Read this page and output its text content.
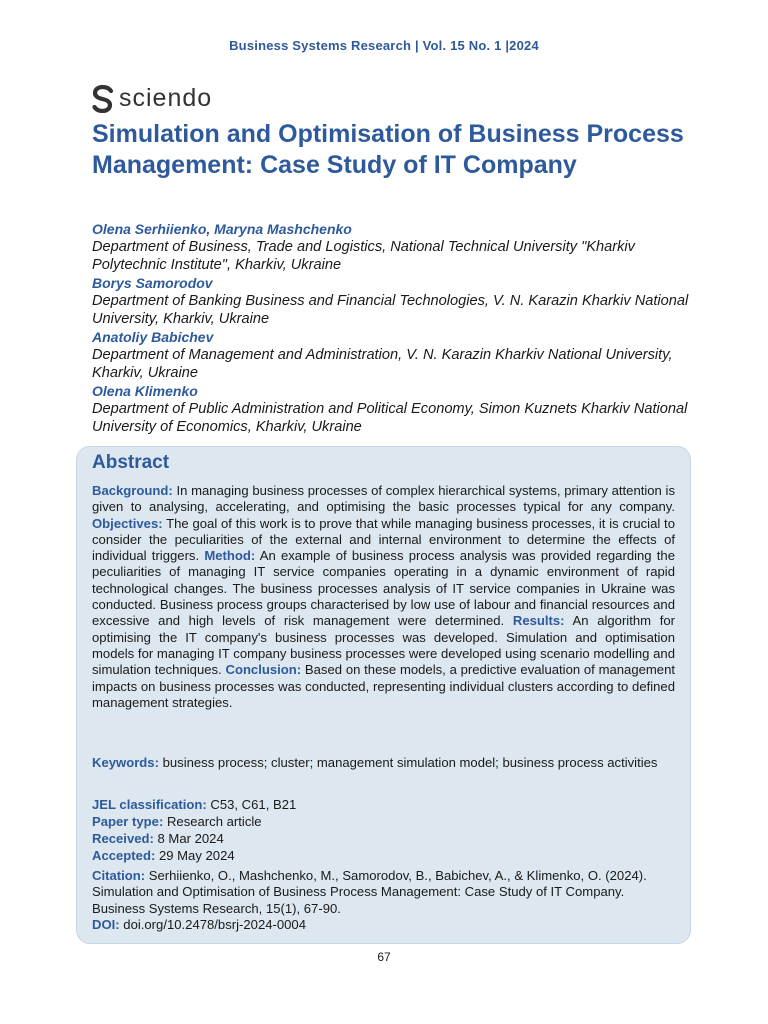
Business Systems Research | Vol. 15 No. 1 |2024
sciendo
Simulation and Optimisation of Business Process Management: Case Study of IT Company
Olena Serhiienko, Maryna Mashchenko
Department of Business, Trade and Logistics, National Technical University "Kharkiv Polytechnic Institute", Kharkiv, Ukraine
Borys Samorodov
Department of Banking Business and Financial Technologies, V. N. Karazin Kharkiv National University, Kharkiv, Ukraine
Anatoliy Babichev
Department of Management and Administration, V. N. Karazin Kharkiv National University, Kharkiv, Ukraine
Olena Klimenko
Department of Public Administration and Political Economy, Simon Kuznets Kharkiv National University of Economics, Kharkiv, Ukraine
Abstract
Background: In managing business processes of complex hierarchical systems, primary attention is given to analysing, accelerating, and optimising the basic processes typical for any company. Objectives: The goal of this work is to prove that while managing business processes, it is crucial to consider the peculiarities of the external and internal environment to determine the effects of individual triggers. Method: An example of business process analysis was provided regarding the peculiarities of managing IT service companies operating in a dynamic environment of rapid technological changes. The business processes analysis of IT service companies in Ukraine was conducted. Business process groups characterised by low use of labour and financial resources and excessive and high levels of risk management were determined. Results: An algorithm for optimising the IT company's business processes was developed. Simulation and optimisation models for managing IT company business processes were developed using scenario modelling and simulation techniques. Conclusion: Based on these models, a predictive evaluation of management impacts on business processes was conducted, representing individual clusters according to defined management strategies.
Keywords: business process; cluster; management simulation model; business process activities
JEL classification: C53, C61, B21
Paper type: Research article
Received: 8 Mar 2024
Accepted: 29 May 2024
Citation: Serhiienko, O., Mashchenko, M., Samorodov, B., Babichev, A., & Klimenko, O. (2024). Simulation and Optimisation of Business Process Management: Case Study of IT Company. Business Systems Research, 15(1), 67-90.
DOI: doi.org/10.2478/bsrj-2024-0004
67
